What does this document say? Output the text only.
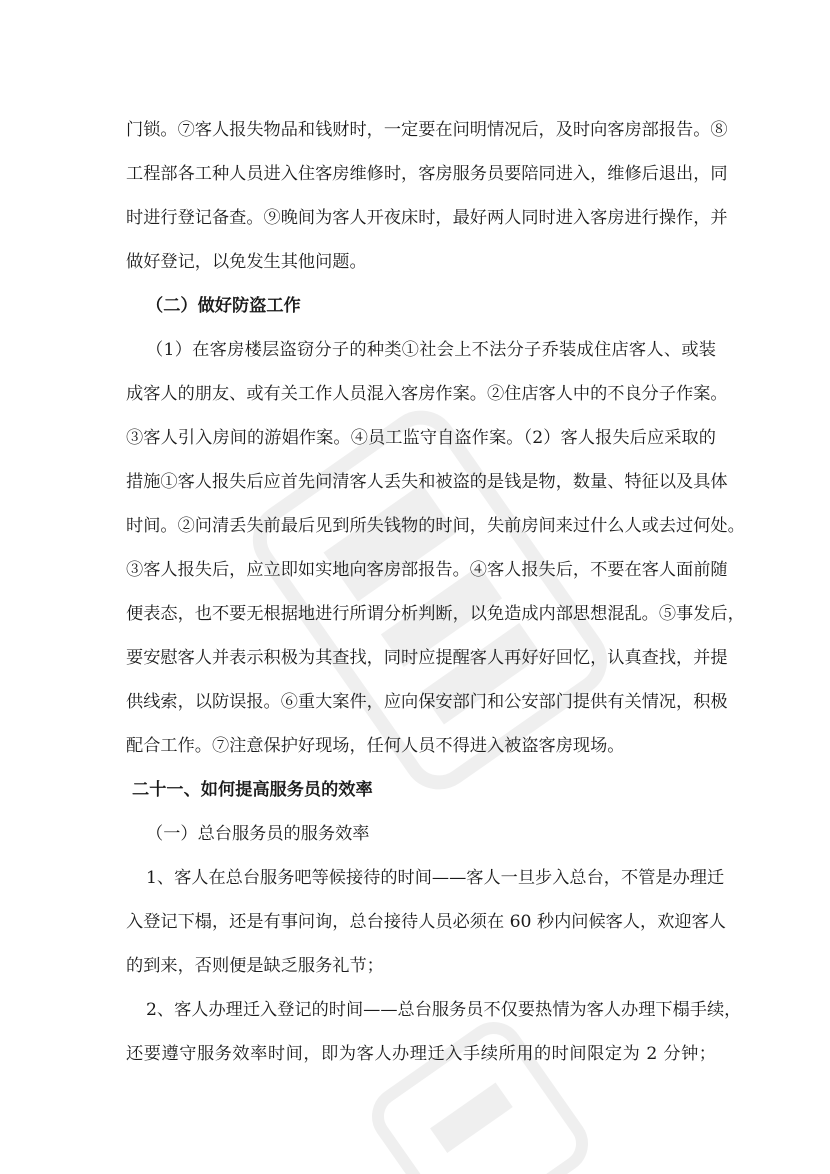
门锁。⑦客人报失物品和钱财时，一定要在问明情况后，及时向客房部报告。⑧
工程部各工种人员进入住客房维修时，客房服务员要陪同进入，维修后退出，同
时进行登记备查。⑨晚间为客人开夜床时，最好两人同时进入客房进行操作，并
做好登记，以免发生其他问题。
（二）做好防盗工作
（1）在客房楼层盗窃分子的种类①社会上不法分子乔装成住店客人、或装
成客人的朋友、或有关工作人员混入客房作案。②住店客人中的不良分子作案。
③客人引入房间的游娼作案。④员工监守自盗作案。（2）客人报失后应采取的
措施①客人报失后应首先问清客人丢失和被盗的是钱是物，数量、特征以及具体
时间。②问清丢失前最后见到所失钱物的时间，失前房间来过什么人或去过何处。
③客人报失后，应立即如实地向客房部报告。④客人报失后，不要在客人面前随
便表态，也不要无根据地进行所谓分析判断，以免造成内部思想混乱。⑤事发后，
要安慰客人并表示积极为其查找，同时应提醒客人再好好回忆，认真查找，并提
供线索，以防误报。⑥重大案件，应向保安部门和公安部门提供有关情况，积极
配合工作。⑦注意保护好现场，任何人员不得进入被盗客房现场。
二十一、如何提高服务员的效率
（一）总台服务员的服务效率
1、客人在总台服务吧等候接待的时间——客人一旦步入总台，不管是办理迁
入登记下榻，还是有事问询，总台接待人员必须在 60 秒内问候客人，欢迎客人
的到来，否则便是缺乏服务礼节；
2、客人办理迁入登记的时间——总台服务员不仅要热情为客人办理下榻手续，
还要遵守服务效率时间，即为客人办理迁入手续所用的时间限定为 2 分钟；
